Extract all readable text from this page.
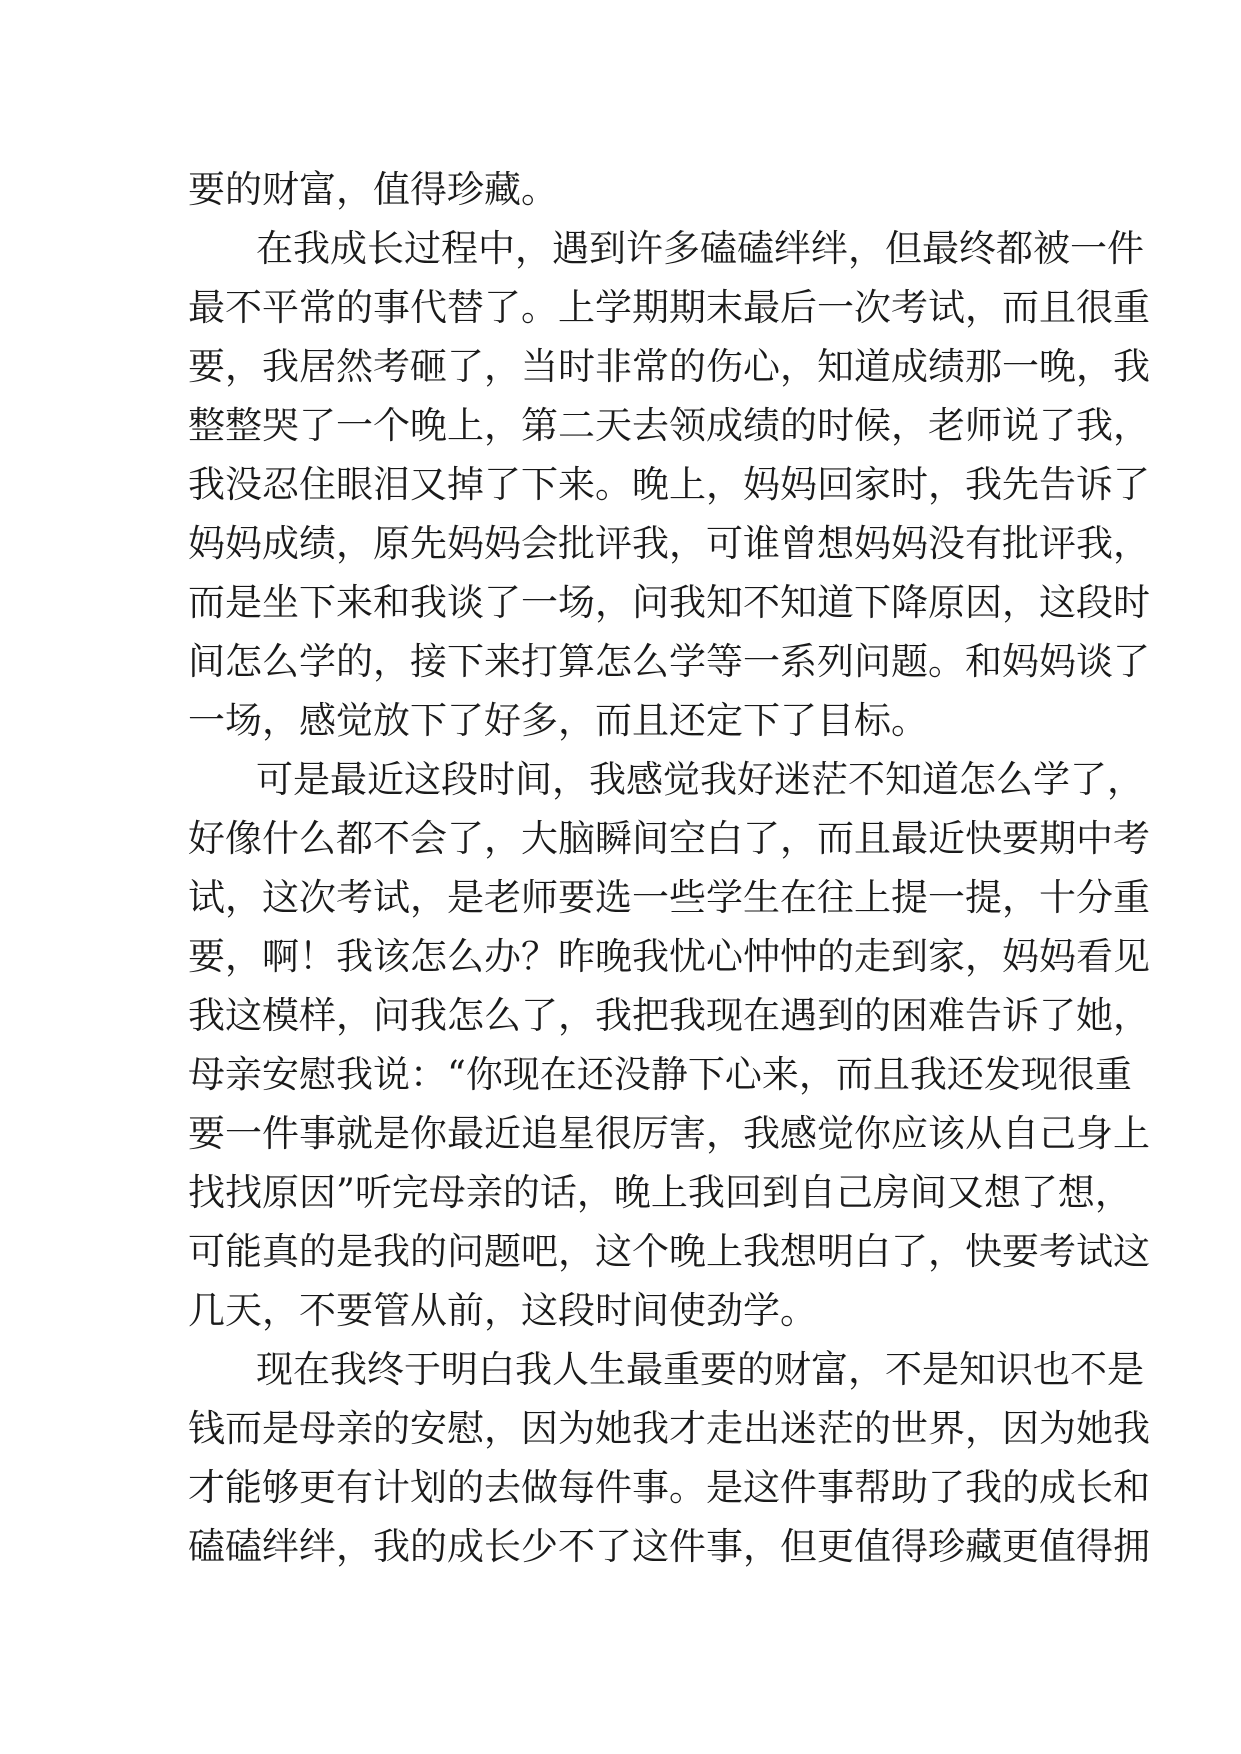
要的财富，值得珍藏。
在我成长过程中，遇到许多磕磕绊绊，但最终都被一件
最不平常的事代替了。上学期期末最后一次考试，而且很重
要，我居然考砸了，当时非常的伤心，知道成绩那一晚，我
整整哭了一个晚上，第二天去领成绩的时候，老师说了我，
我没忍住眼泪又掉了下来。晚上，妈妈回家时，我先告诉了
妈妈成绩，原先妈妈会批评我，可谁曾想妈妈没有批评我，
而是坐下来和我谈了一场，问我知不知道下降原因，这段时
间怎么学的，接下来打算怎么学等一系列问题。和妈妈谈了
一场，感觉放下了好多，而且还定下了目标。
可是最近这段时间，我感觉我好迷茫不知道怎么学了，
好像什么都不会了，大脑瞬间空白了，而且最近快要期中考
试，这次考试，是老师要选一些学生在往上提一提，十分重
要，啊！我该怎么办？昨晚我忧心忡忡的走到家，妈妈看见
我这模样，问我怎么了，我把我现在遇到的困难告诉了她，
母亲安慰我说：“你现在还没静下心来，而且我还发现很重
要一件事就是你最近追星很厉害，我感觉你应该从自己身上
找找原因”听完母亲的话，晚上我回到自己房间又想了想，
可能真的是我的问题吧，这个晚上我想明白了，快要考试这
几天，不要管从前，这段时间使劲学。
现在我终于明白我人生最重要的财富，不是知识也不是
钱而是母亲的安慰，因为她我才走出迷茫的世界，因为她我
才能够更有计划的去做每件事。是这件事帮助了我的成长和
磕磕绊绊，我的成长少不了这件事，但更值得珍藏更值得拥
